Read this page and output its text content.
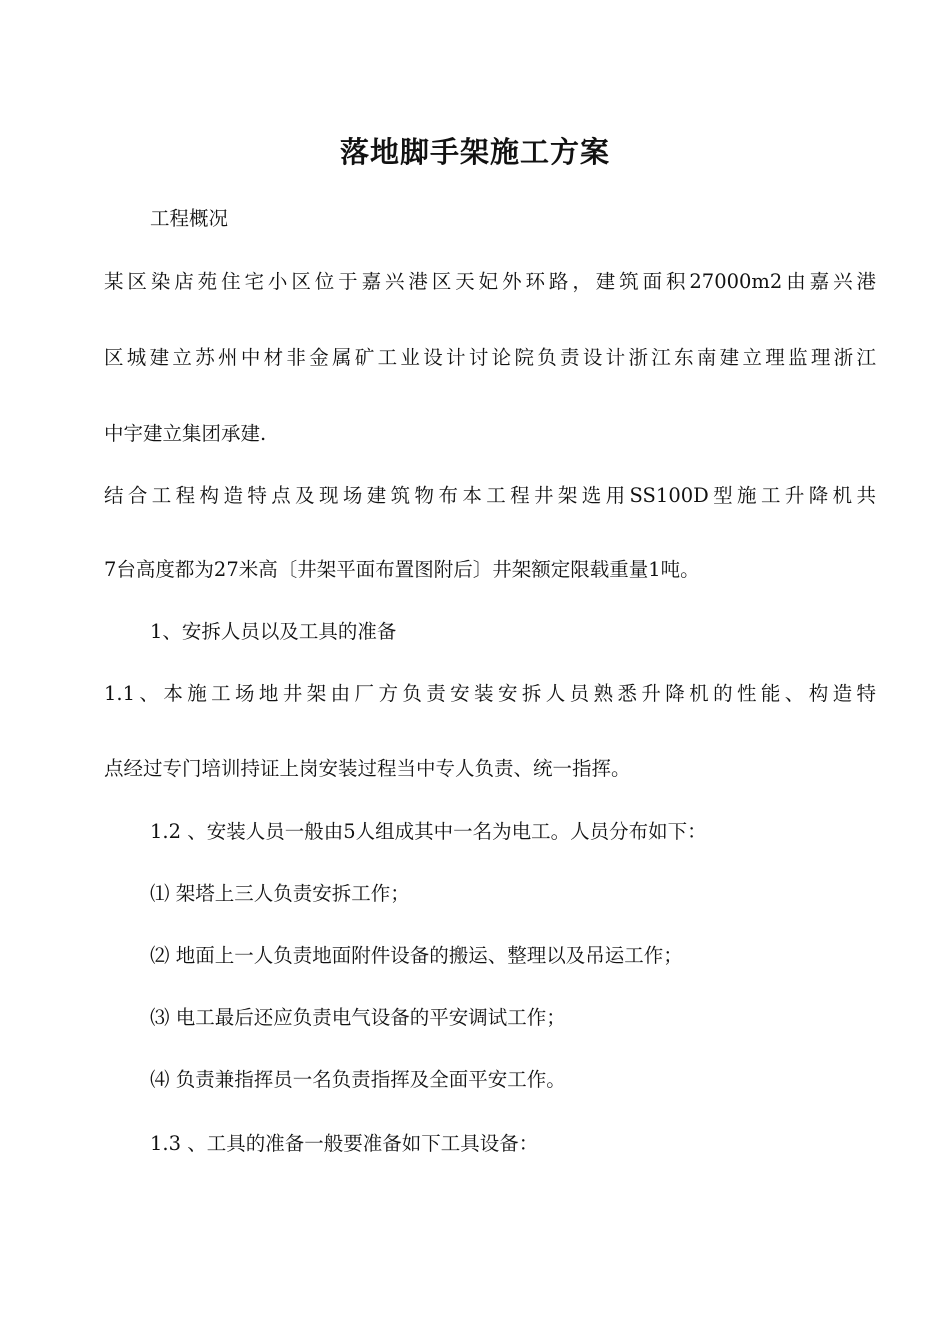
落地脚手架施工方案
工程概况
某区染店苑住宅小区位于嘉兴港区天妃外环路，建筑面积27000m2由嘉兴港
区城建立苏州中材非金属矿工业设计讨论院负责设计浙江东南建立理监理浙江
中宇建立集团承建.
结合工程构造特点及现场建筑物布本工程井架选用SS100D型施工升降机共
7台高度都为27米高〔井架平面布置图附后〕井架额定限载重量1吨。
1、安拆人员以及工具的准备
1.1、本施工场地井架由厂方负责安装安拆人员熟悉升降机的性能、构造特
点经过专门培训持证上岗安装过程当中专人负责、统一指挥。
1.2 、安装人员一般由5人组成其中一名为电工。人员分布如下：
⑴ 架塔上三人负责安拆工作；
⑵ 地面上一人负责地面附件设备的搬运、整理以及吊运工作；
⑶ 电工最后还应负责电气设备的平安调试工作；
⑷ 负责兼指挥员一名负责指挥及全面平安工作。
1.3 、工具的准备一般要准备如下工具设备：
